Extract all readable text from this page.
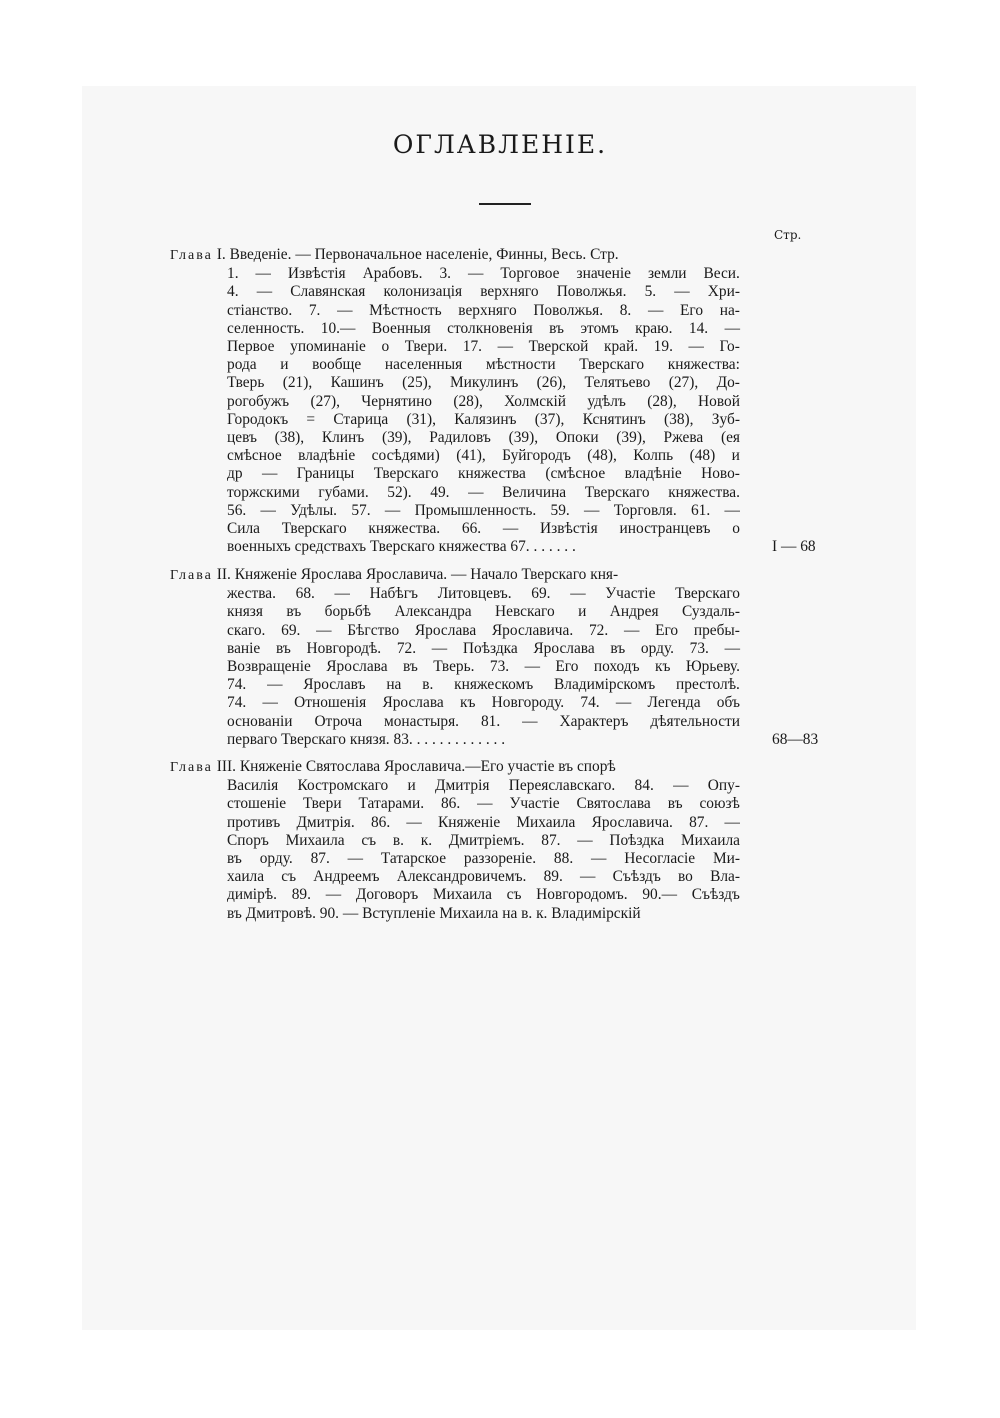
ОГЛАВЛЕНІЕ.
Стр.
Глава I. Введеніе. — Первоначальное населеніе, Финны, Весь. Стр.
1. — Извѣстія Арабовъ. 3. — Торговое значеніе земли Веси.
4. — Славянская колонизація верхняго Поволжья. 5. — Хри-
стіанство. 7. — Мѣстность верхняго Поволжья. 8. — Его на-
селенность. 10.— Военныя столкновенія въ этомъ краю. 14. —
Первое упоминаніе о Твери. 17. — Тверской край. 19. — Го-
рода и вообще населенныя мѣстности Тверскаго княжества:
Тверь (21), Кашинъ (25), Микулинъ (26), Телятьево (27), До-
рогобужъ (27), Чернятино (28), Холмскій удѣлъ (28), Новой
Городокъ = Старица (31), Калязинъ (37), Кснятинъ (38), Зуб-
цевъ (38), Клинъ (39), Радиловъ (39), Опоки (39), Ржева (ея
смѣсное владѣніе сосѣдями) (41), Буйгородъ (48), Колпь (48) и
др — Границы Тверскаго княжества (смѣсное владѣніе Ново-
торжскими губами. 52). 49. — Величина Тверскаго княжества.
56. — Удѣлы. 57. — Промышленность. 59. — Торговля. 61. —
Сила Тверскаго княжества. 66. — Извѣстія иностранцевъ о
военныхъ средствахъ Тверскаго княжества 67. . . . . . .	I — 68
Глава II. Княженіе Ярослава Ярославича. — Начало Тверскаго кня-
жества. 68. — Набѣгъ Литовцевъ. 69. — Участіе Тверскаго
князя въ борьбѣ Александра Невскаго и Андрея Суздаль-
скаго. 69. — Бѣгство Ярослава Ярославича. 72. — Его пребы-
ваніе въ Новгородѣ. 72. — Поѣздка Ярослава въ орду. 73. —
Возвращеніе Ярослава въ Тверь. 73. — Его походъ къ Юрьеву.
74. — Ярославъ на в. княжескомъ Владимірскомъ престолѣ.
74. — Отношенія Ярослава къ Новгороду. 74. — Легенда объ
основаніи Отроча монастыря. 81. — Характеръ дѣятельности
перваго Тверскаго князя. 83. . . . . . . . . . . . .	68—83
Глава III. Княженіе Святослава Ярославича.—Его участіе въ спорѣ
Василія Костромскаго и Дмитрія Переяславскаго. 84. — Опу-
стошеніе Твери Татарами. 86. — Участіе Святослава въ союзѣ
противъ Дмитрія. 86. — Княженіе Михаила Ярославича. 87. —
Споръ Михаила съ в. к. Дмитріемъ. 87. — Поѣздка Михаила
въ орду. 87. — Татарское раззореніе. 88. — Несогласіе Ми-
хаила съ Андреемъ Александровичемъ. 89. — Съѣздъ во Вла-
димірѣ. 89. — Договоръ Михаила съ Новгородомъ. 90.— Съѣздъ
въ Дмитровѣ. 90. — Вступленіе Михаила на в. к. Владимірскій
